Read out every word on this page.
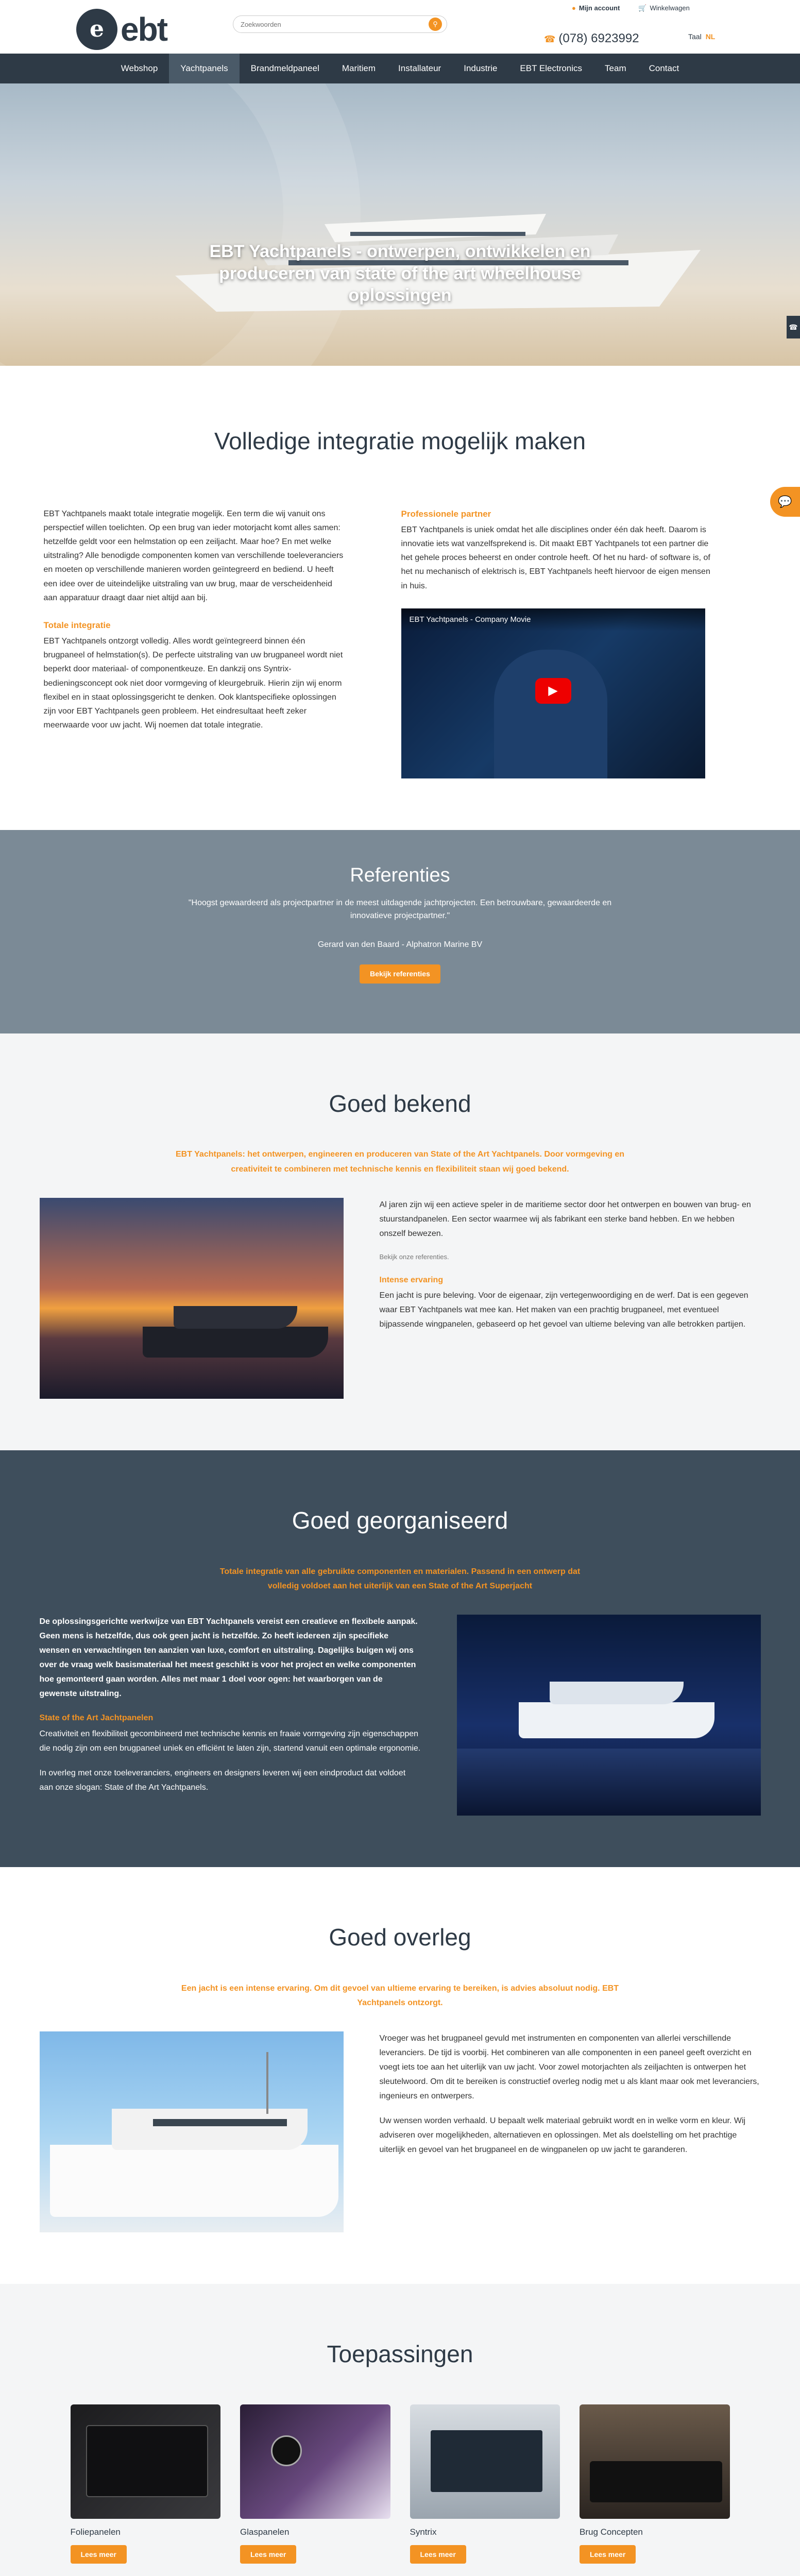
e ebt
Zoekwoorden	⚲
● Mijn account	🛒 Winkelwagen
☎ (078) 6923992	Taal NL
Webshop	Yachtpanels	Brandmeldpaneel	Maritiem	Installateur	Industrie	EBT Electronics	Team	Contact
EBT Yachtpanels - ontwerpen, ontwikkelen en produceren van state of the art wheelhouse oplossingen
☎
Volledige integratie mogelijk maken

EBT Yachtpanels maakt totale integratie mogelijk. Een term die wij vanuit ons perspectief willen toelichten. Op een brug van ieder motorjacht komt alles samen: hetzelfde geldt voor een helmstation op een zeiljacht. Maar hoe? En met welke uitstraling? Alle benodigde componenten komen van verschillende toeleveranciers en moeten op verschillende manieren worden geïntegreerd en bediend. U heeft een idee over de uiteindelijke uitstraling van uw brug, maar de verscheidenheid aan apparatuur draagt daar niet altijd aan bij.

Totale integratie

EBT Yachtpanels ontzorgt volledig. Alles wordt geïntegreerd binnen één brugpaneel of helmstation(s). De perfecte uitstraling van uw brugpaneel wordt niet beperkt door materiaal- of componentkeuze. En dankzij ons Syntrix-bedieningsconcept ook niet door vormgeving of kleurgebruik. Hierin zijn wij enorm flexibel en in staat oplossingsgericht te denken. Ook klantspecifieke oplossingen zijn voor EBT Yachtpanels geen probleem. Het eindresultaat heeft zeker meerwaarde voor uw jacht. Wij noemen dat totale integratie.

Professionele partner

EBT Yachtpanels is uniek omdat het alle disciplines onder één dak heeft. Daarom is innovatie iets wat vanzelfsprekend is. Dit maakt EBT Yachtpanels tot een partner die het gehele proces beheerst en onder controle heeft. Of het nu hard- of software is, of het nu mechanisch of elektrisch is, EBT Yachtpanels heeft hiervoor de eigen mensen in huis.

EBT Yachtpanels - Company Movie
▶
💬
Referenties

"Hoogst gewaardeerd als projectpartner in de meest uitdagende jachtprojecten. Een betrouwbare, gewaardeerde en innovatieve projectpartner."

Gerard van den Baard - Alphatron Marine BV

Bekijk referenties
Goed bekend

EBT Yachtpanels: het ontwerpen, engineeren en produceren van State of the Art Yachtpanels. Door vormgeving en creativiteit te combineren met technische kennis en flexibiliteit staan wij goed bekend.

Al jaren zijn wij een actieve speler in de maritieme sector door het ontwerpen en bouwen van brug- en stuurstandpanelen. Een sector waarmee wij als fabrikant een sterke band hebben. En we hebben onszelf bewezen.

Bekijk onze referenties.

Intense ervaring

Een jacht is pure beleving. Voor de eigenaar, zijn vertegenwoordiging en de werf. Dat is een gegeven waar EBT Yachtpanels wat mee kan. Het maken van een prachtig brugpaneel, met eventueel bijpassende wingpanelen, gebaseerd op het gevoel van ultieme beleving van alle betrokken partijen.

Goed georganiseerd

Totale integratie van alle gebruikte componenten en materialen. Passend in een ontwerp dat volledig voldoet aan het uiterlijk van een State of the Art Superjacht

De oplossingsgerichte werkwijze van EBT Yachtpanels vereist een creatieve en flexibele aanpak. Geen mens is hetzelfde, dus ook geen jacht is hetzelfde. Zo heeft iedereen zijn specifieke wensen en verwachtingen ten aanzien van luxe, comfort en uitstraling. Dagelijks buigen wij ons over de vraag welk basismateriaal het meest geschikt is voor het project en welke componenten hoe gemonteerd gaan worden. Alles met maar 1 doel voor ogen: het waarborgen van de gewenste uitstraling.

State of the Art Jachtpanelen

Creativiteit en flexibiliteit gecombineerd met technische kennis en fraaie vormgeving zijn eigenschappen die nodig zijn om een brugpaneel uniek en efficiënt te laten zijn, startend vanuit een optimale ergonomie.

In overleg met onze toeleveranciers, engineers en designers leveren wij een eindproduct dat voldoet aan onze slogan: State of the Art Yachtpanels.

Goed overleg

Een jacht is een intense ervaring. Om dit gevoel van ultieme ervaring te bereiken, is advies absoluut nodig. EBT Yachtpanels ontzorgt.

Vroeger was het brugpaneel gevuld met instrumenten en componenten van allerlei verschillende leveranciers. De tijd is voorbij. Het combineren van alle componenten in een paneel geeft overzicht en voegt iets toe aan het uiterlijk van uw jacht. Voor zowel motorjachten als zeiljachten is ontwerpen het sleutelwoord. Om dit te bereiken is constructief overleg nodig met u als klant maar ook met leveranciers, ingenieurs en ontwerpers.

Uw wensen worden verhaald. U bepaalt welk materiaal gebruikt wordt en in welke vorm en kleur. Wij adviseren over mogelijkheden, alternatieven en oplossingen. Met als doelstelling om het prachtige uiterlijk en gevoel van het brugpaneel en de wingpanelen op uw jacht te garanderen.

Toepassingen
Foliepanelen
Lees meer
Glaspanelen
Lees meer
Syntrix
Lees meer
Brug Concepten
Lees meer
